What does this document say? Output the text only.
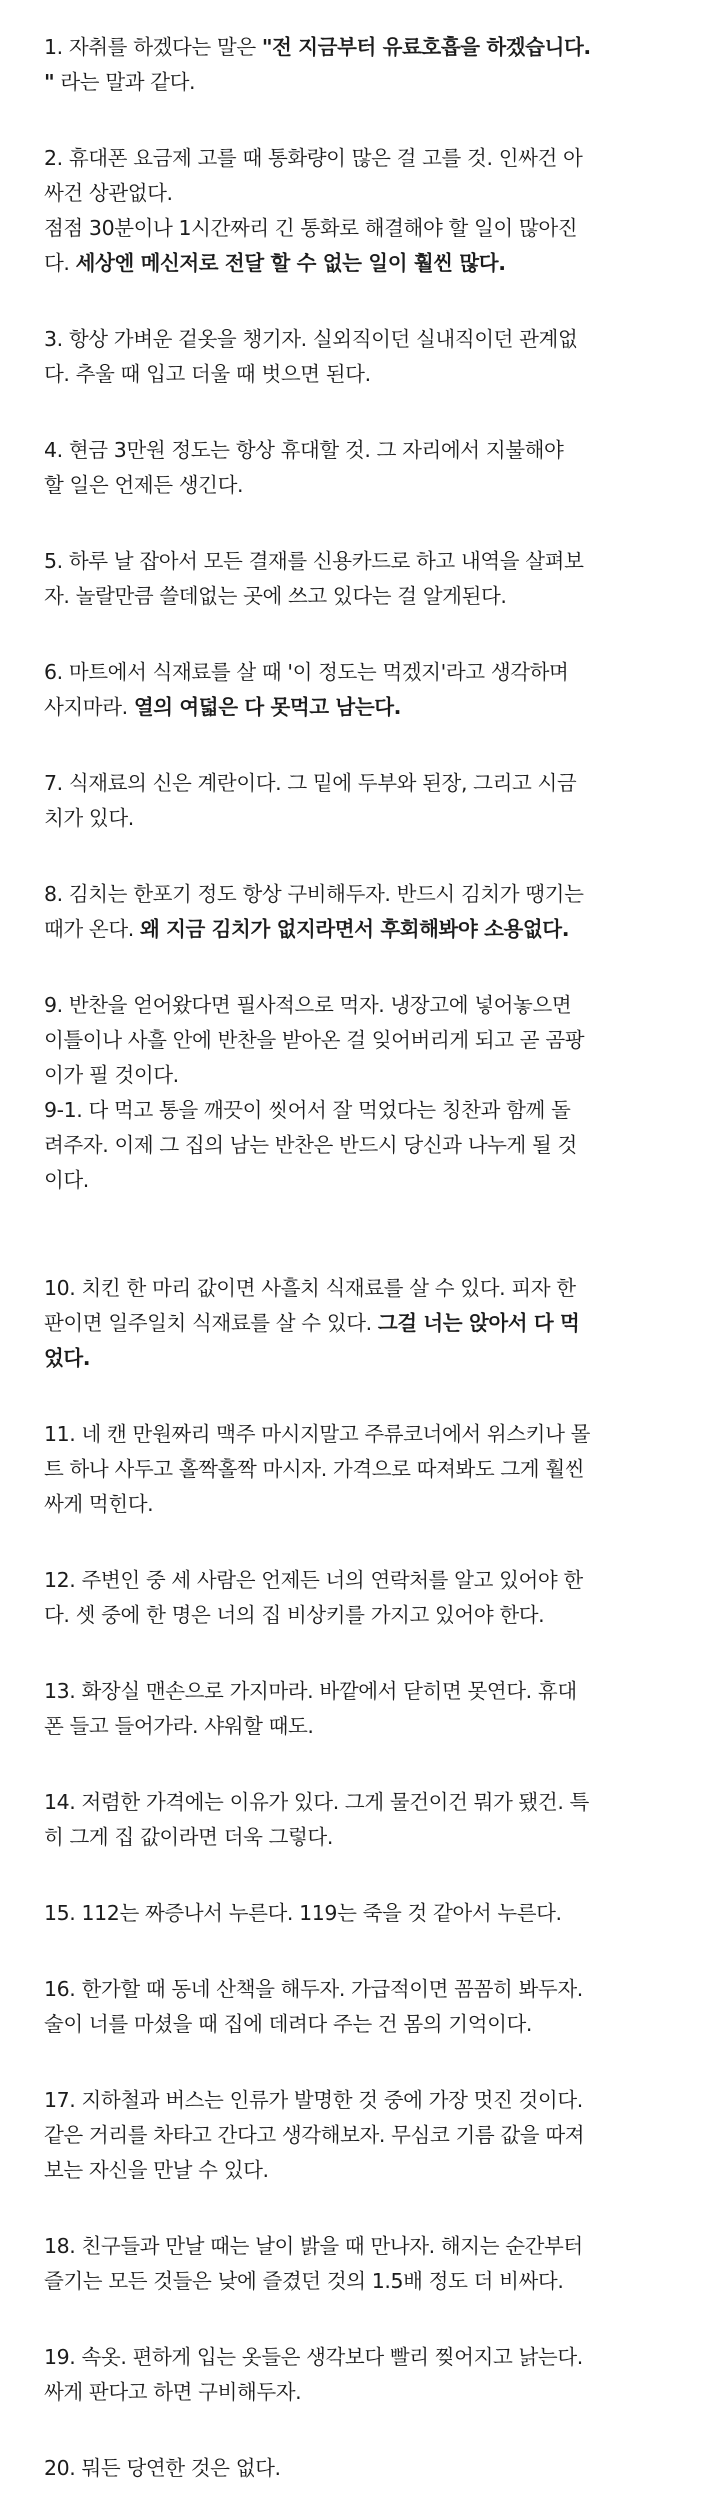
1. 자취를 하겠다는 말은 "전 지금부터 유료호흡을 하겠습니다.
" 라는 말과 같다.

2. 휴대폰 요금제 고를 때 통화량이 많은 걸 고를 것. 인싸건 아
싸건 상관없다.
점점 30분이나 1시간짜리 긴 통화로 해결해야 할 일이 많아진
다. 세상엔 메신저로 전달 할 수 없는 일이 훨씬 많다.

3. 항상 가벼운 겉옷을 챙기자. 실외직이던 실내직이던 관계없
다. 추울 때 입고 더울 때 벗으면 된다.

4. 현금 3만원 정도는 항상 휴대할 것. 그 자리에서 지불해야
할 일은 언제든 생긴다.

5. 하루 날 잡아서 모든 결재를 신용카드로 하고 내역을 살펴보
자. 놀랄만큼 쓸데없는 곳에 쓰고 있다는 걸 알게된다.

6. 마트에서 식재료를 살 때 '이 정도는 먹겠지'라고 생각하며
사지마라. 열의 여덟은 다 못먹고 남는다.

7. 식재료의 신은 계란이다. 그 밑에 두부와 된장, 그리고 시금
치가 있다.

8. 김치는 한포기 정도 항상 구비해두자. 반드시 김치가 땡기는
때가 온다. 왜 지금 김치가 없지라면서 후회해봐야 소용없다.

9. 반찬을 얻어왔다면 필사적으로 먹자. 냉장고에 넣어놓으면
이틀이나 사흘 안에 반찬을 받아온 걸 잊어버리게 되고 곧 곰팡
이가 필 것이다.
9-1. 다 먹고 통을 깨끗이 씻어서 잘 먹었다는 칭찬과 함께 돌
려주자. 이제 그 집의 남는 반찬은 반드시 당신과 나누게 될 것
이다.

10. 치킨 한 마리 값이면 사흘치 식재료를 살 수 있다. 피자 한
판이면 일주일치 식재료를 살 수 있다. 그걸 너는 앉아서 다 먹
었다.

11. 네 캔 만원짜리 맥주 마시지말고 주류코너에서 위스키나 몰
트 하나 사두고 홀짝홀짝 마시자. 가격으로 따져봐도 그게 훨씬
싸게 먹힌다.

12. 주변인 중 세 사람은 언제든 너의 연락처를 알고 있어야 한
다. 셋 중에 한 명은 너의 집 비상키를 가지고 있어야 한다.

13. 화장실 맨손으로 가지마라. 바깥에서 닫히면 못연다. 휴대
폰 들고 들어가라. 샤워할 때도.

14. 저렴한 가격에는 이유가 있다. 그게 물건이건 뭐가 됐건. 특
히 그게 집 값이라면 더욱 그렇다.

15. 112는 짜증나서 누른다. 119는 죽을 것 같아서 누른다.

16. 한가할 때 동네 산책을 해두자. 가급적이면 꼼꼼히 봐두자.
술이 너를 마셨을 때 집에 데려다 주는 건 몸의 기억이다.

17. 지하철과 버스는 인류가 발명한 것 중에 가장 멋진 것이다.
같은 거리를 차타고 간다고 생각해보자. 무심코 기름 값을 따져
보는 자신을 만날 수 있다.

18. 친구들과 만날 때는 날이 밝을 때 만나자. 해지는 순간부터
즐기는 모든 것들은 낮에 즐겼던 것의 1.5배 정도 더 비싸다.

19. 속옷. 편하게 입는 옷들은 생각보다 빨리 찢어지고 낡는다.
싸게 판다고 하면 구비해두자.

20. 뭐든 당연한 것은 없다.
